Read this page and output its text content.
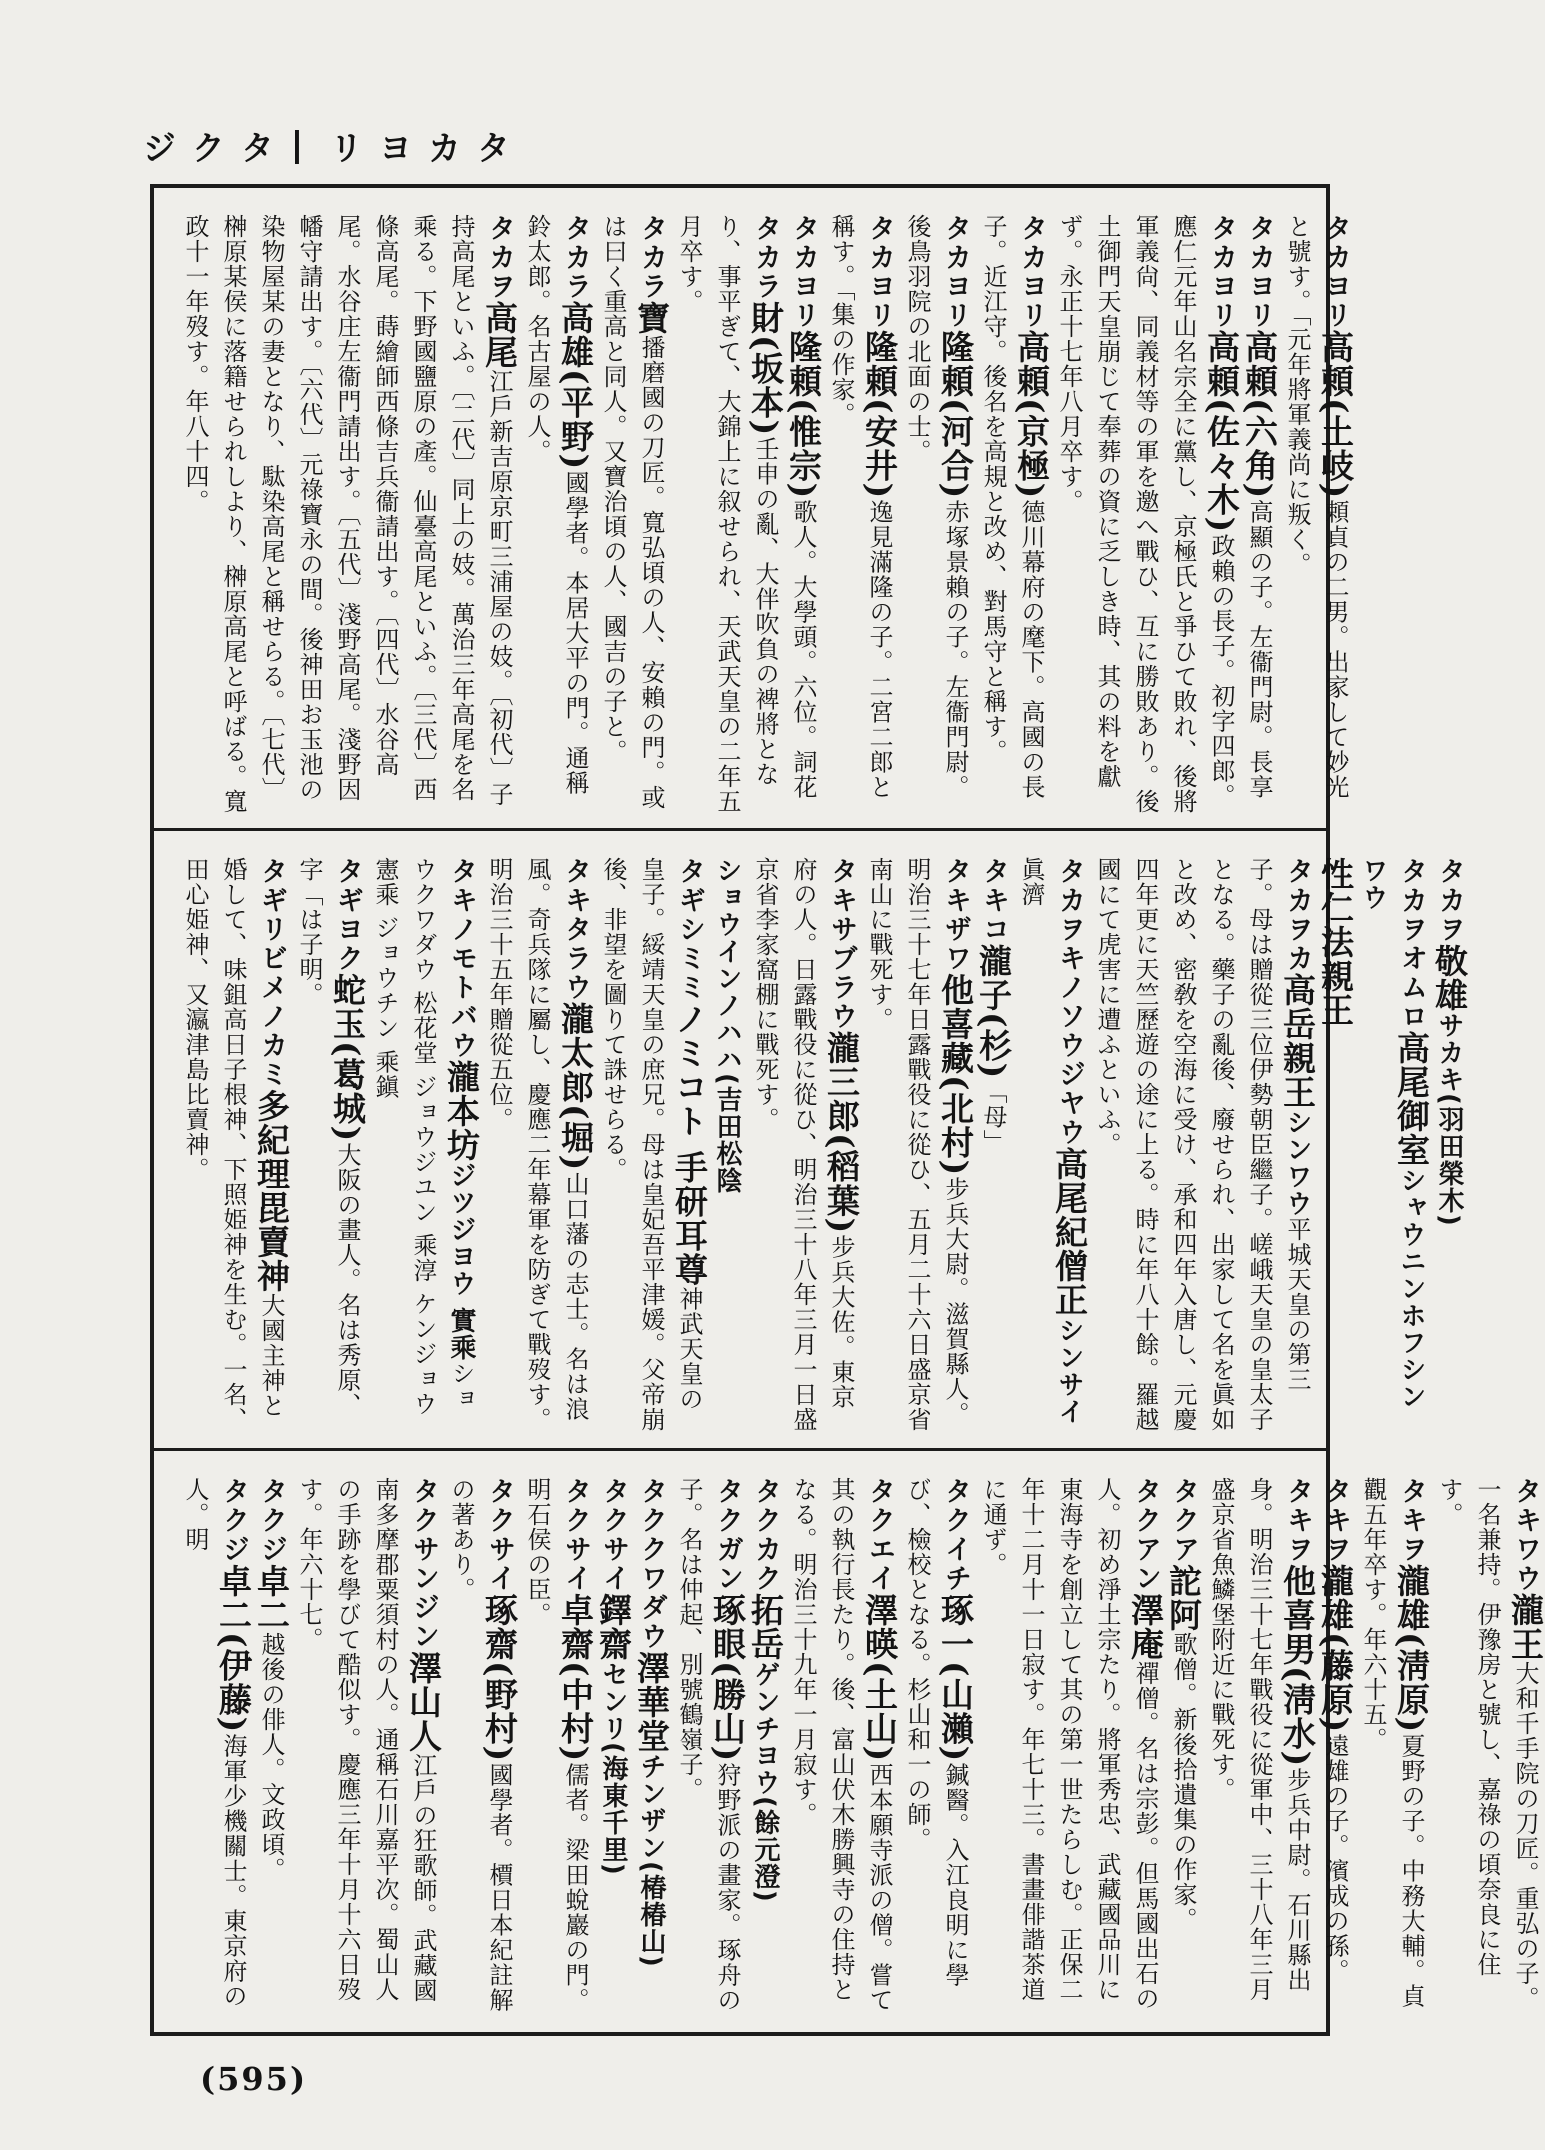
タカヨリ―タクジ

タカヨリ高頼(土岐)頼貞の二男。出家して妙光と號す。「元年將軍義尚に叛く。

タカヨリ高頼(六角)高顯の子。左衞門尉。長享

タカヨリ高頼(佐々木)政賴の長子。初字四郎。應仁元年山名宗全に黨し、京極氏と爭ひて敗れ、後將軍義尙、同義材等の軍を邀へ戰ひ、互に勝敗あり。後土御門天皇崩じて奉葬の資に乏しき時、其の料を獻ず。永正十七年八月卒す。

タカヨリ高頼(京極)德川幕府の麾下。高國の長子。近江守。後名を高規と改め、對馬守と稱す。

タカヨリ隆頼(河合)赤塚景賴の子。左衞門尉。後鳥羽院の北面の士。

タカヨリ隆頼(安井)逸見滿隆の子。二宮二郎と稱す。「集の作家。

タカヨリ隆頼(惟宗)歌人。大學頭。六位。詞花

タカラ財(坂本)壬申の亂、大伴吹負の裨將となり、事平ぎて、大錦上に叙せられ、天武天皇の二年五月卒す。

タカラ寶播磨國の刀匠。寬弘頃の人、安賴の門。或は曰く重高と同人。又寶治頃の人、國吉の子と。

タカラ高雄(平野)國學者。本居大平の門。通稱鈴太郎。名古屋の人。

タカヲ高尾江戶新吉原京町三浦屋の妓。〔初代〕子持高尾といふ。〔二代〕同上の妓。萬治三年高尾を名乘る。下野國鹽原の產。仙臺高尾といふ。〔三代〕西條高尾。蒔繪師西條吉兵衞請出す。〔四代〕水谷高尾。水谷庄左衞門請出す。〔五代〕淺野高尾。淺野因幡守請出す。〔六代〕元祿寶永の間。後神田お玉池の染物屋某の妻となり、駄染高尾と稱せらる。〔七代〕榊原某侯に落籍せられしより、榊原高尾と呼ばる。寬政十一年歿す。年八十四。

タカヲ敬雄サカキ(羽田榮木)

タカヲオムロ高尾御室シャウニンホフシンワウ

性仁法親王

タカヲカ高岳親王シンワウ平城天皇の第三子。母は贈從三位伊勢朝臣繼子。嵯峨天皇の皇太子となる。藥子の亂後、廢せられ、出家して名を眞如と改め、密敎を空海に受け、承和四年入唐し、元慶四年更に天竺歷遊の途に上る。時に年八十餘。羅越國にて虎害に遭ふといふ。

タカヲキノソウジヤウ高尾紀僧正シンサイ眞濟

タキコ瀧子(杉)「母」

タキザワ他喜藏(北村)步兵大尉。滋賀縣人。明治三十七年日露戰役に從ひ、五月二十六日盛京省南山に戰死す。

タキサブラウ瀧三郎(稻葉)步兵大佐。東京府の人。日露戰役に從ひ、明治三十八年三月一日盛京省李家窩棚に戰死す。

ショウインノハハ(吉田松陰

タギシミミノミコト 手研耳尊神武天皇の皇子。綏靖天皇の庶兄。母は皇妃吾平津媛。父帝崩後、非望を圖りて誅せらる。

タキタラウ瀧太郎(堀)山口藩の志士。名は浪風。奇兵隊に屬し、慶應二年幕軍を防ぎて戰歿す。明治三十五年贈從五位。

タキノモトバウ瀧本坊ジツジヨウ 實乘ショウクワダウ 松花堂 ジョウジユン 乘淳 ケンジョウ 憲乘 ジョウチン 乘鎭

タギヨク蛇玉(葛城)大阪の畫人。名は秀原、字「は子明。

タギリビメノカミ多紀理毘賣神大國主神と婚して、味鉏高日子根神、下照姫神を生む。一名、田心姫神、又瀛津島比賣神。

タキワウ瀧王大和千手院の刀匠。重弘の子。一名兼持。伊豫房と號し、嘉祿の頃奈良に住す。

タキヲ瀧雄(淸原)夏野の子。中務大輔。貞觀五年卒す。年六十五。

タキヲ瀧雄(藤原)遠雄の子。濱成の孫。

タキヲ他喜男(淸水)步兵中尉。石川縣出身。明治三十七年戰役に從軍中、三十八年三月盛京省魚鱗堡附近に戰死す。

タクア詑阿歌僧。新後拾遺集の作家。

タクアン澤庵禪僧。名は宗彭。但馬國出石の人。初め淨土宗たり。將軍秀忠、武藏國品川に東海寺を創立して其の第一世たらしむ。正保二年十二月十一日寂す。年七十三。書畫俳諧茶道に通ず。

タクイチ琢一(山瀨)鍼醫。入江良明に學び、檢校となる。杉山和一の師。

タクエイ澤暎(土山)西本願寺派の僧。嘗て其の執行長たり。後、富山伏木勝興寺の住持となる。明治三十九年一月寂す。

タクカク拓岳ゲンチヨウ(餘元澄)

タクガン琢眼(勝山)狩野派の畫家。琢舟の子。名は仲起、別號鶴嶺子。

タククワダウ澤華堂チンザン(椿椿山)

タクサイ鐸齋センリ(海東千里)

タクサイ卓齋(中村)儒者。梁田蛻巖の門。明石侯の臣。

タクサイ琢齋(野村)國學者。檟日本紀註解の著あり。

タクサンジン澤山人江戶の狂歌師。武藏國南多摩郡粟須村の人。通稱石川嘉平次。蜀山人の手跡を學びて酷似す。慶應三年十月十六日歿す。年六十七。

タクジ卓二越後の俳人。文政頃。

タクジ卓二(伊藤)海軍少機關士。東京府の人。明

(595)
